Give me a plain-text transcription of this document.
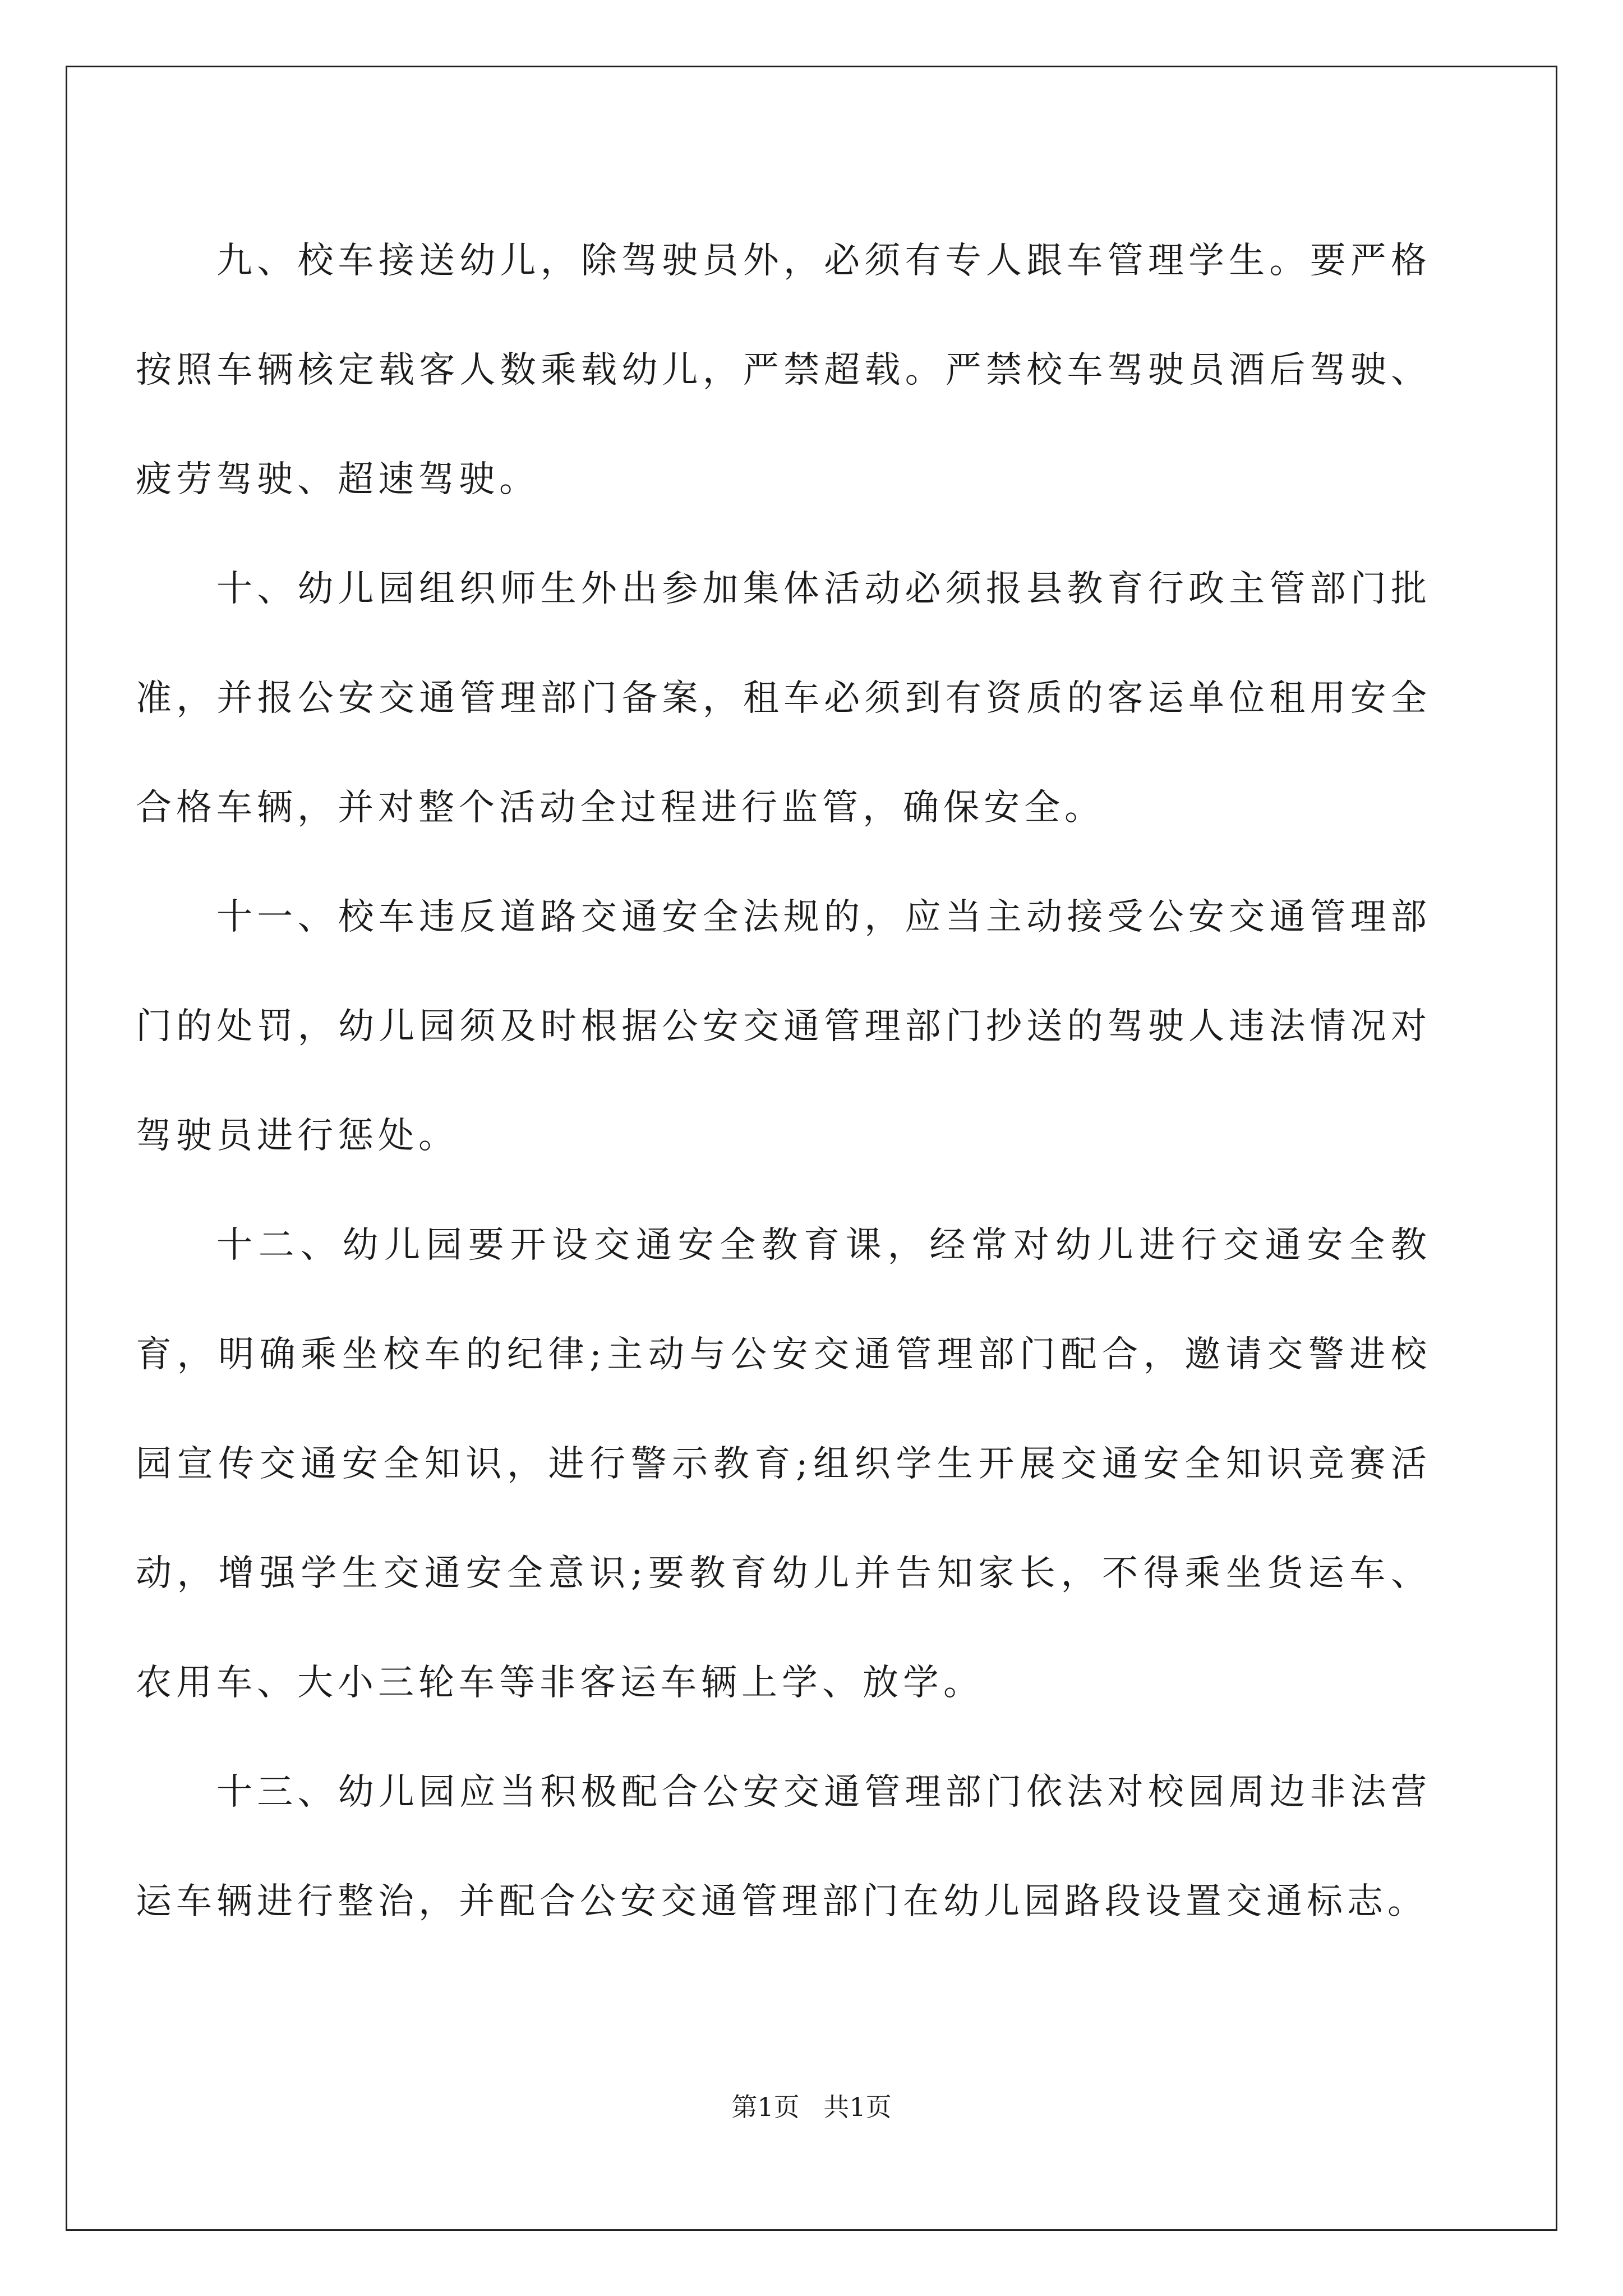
九、校车接送幼儿，除驾驶员外，必须有专人跟车管理学生。要严格按照车辆核定载客人数乘载幼儿，严禁超载。严禁校车驾驶员酒后驾驶、疲劳驾驶、超速驾驶。

十、幼儿园组织师生外出参加集体活动必须报县教育行政主管部门批准，并报公安交通管理部门备案，租车必须到有资质的客运单位租用安全合格车辆，并对整个活动全过程进行监管，确保安全。

十一、校车违反道路交通安全法规的，应当主动接受公安交通管理部门的处罚，幼儿园须及时根据公安交通管理部门抄送的驾驶人违法情况对驾驶员进行惩处。

十二、幼儿园要开设交通安全教育课，经常对幼儿进行交通安全教育，明确乘坐校车的纪律;主动与公安交通管理部门配合，邀请交警进校园宣传交通安全知识，进行警示教育;组织学生开展交通安全知识竞赛活动，增强学生交通安全意识;要教育幼儿并告知家长，不得乘坐货运车、农用车、大小三轮车等非客运车辆上学、放学。

十三、幼儿园应当积极配合公安交通管理部门依法对校园周边非法营运车辆进行整治，并配合公安交通管理部门在幼儿园路段设置交通标志。

第1页 共1页
